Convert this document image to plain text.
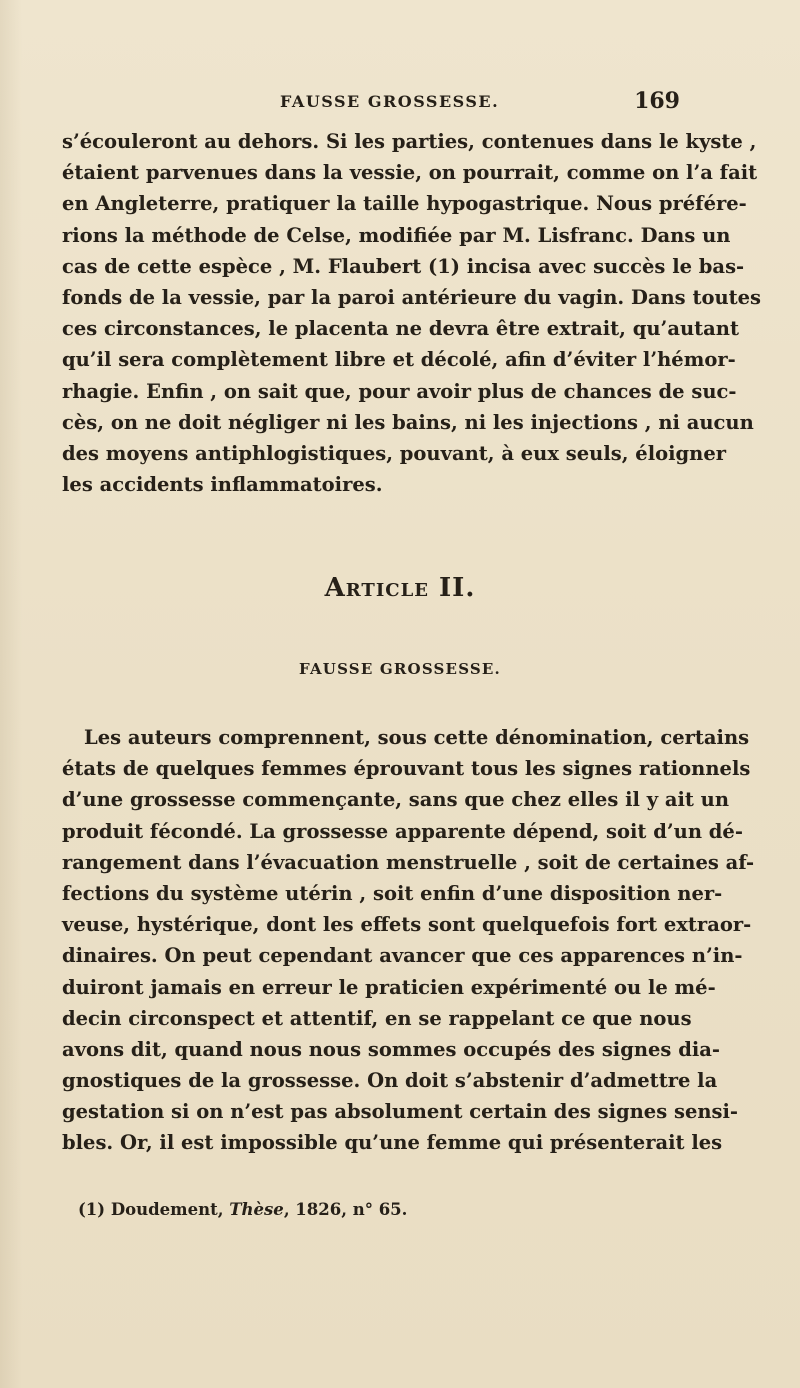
FAUSSE GROSSESSE.	169
s’écouleront au dehors. Si les parties, contenues dans le kyste ,
étaient parvenues dans la vessie, on pourrait, comme on l’a fait
en Angleterre, pratiquer la taille hypogastrique. Nous préfére-
rions la méthode de Celse, modifiée par M. Lisfranc. Dans un
cas de cette espèce , M. Flaubert (1) incisa avec succès le bas-
fonds de la vessie, par la paroi antérieure du vagin. Dans toutes
ces circonstances, le placenta ne devra être extrait, qu’autant
qu’il sera complètement libre et décolé, afin d’éviter l’hémor-
rhagie. Enfin , on sait que, pour avoir plus de chances de suc-
cès, on ne doit négliger ni les bains, ni les injections , ni aucun
des moyens antiphlogistiques, pouvant, à eux seuls, éloigner
les accidents inflammatoires.
Article II.
FAUSSE GROSSESSE.
Les auteurs comprennent, sous cette dénomination, certains
états de quelques femmes éprouvant tous les signes rationnels
d’une grossesse commençante, sans que chez elles il y ait un
produit fécondé. La grossesse apparente dépend, soit d’un dé-
rangement dans l’évacuation menstruelle , soit de certaines af-
fections du système utérin , soit enfin d’une disposition ner-
veuse, hystérique, dont les effets sont quelquefois fort extraor-
dinaires. On peut cependant avancer que ces apparences n’in-
duiront jamais en erreur le praticien expérimenté ou le mé-
decin circonspect et attentif, en se rappelant ce que nous
avons dit, quand nous nous sommes occupés des signes dia-
gnostiques de la grossesse. On doit s’abstenir d’admettre la
gestation si on n’est pas absolument certain des signes sensi-
bles. Or, il est impossible qu’une femme qui présenterait les
(1) Doudement, Thèse, 1826, n° 65.
